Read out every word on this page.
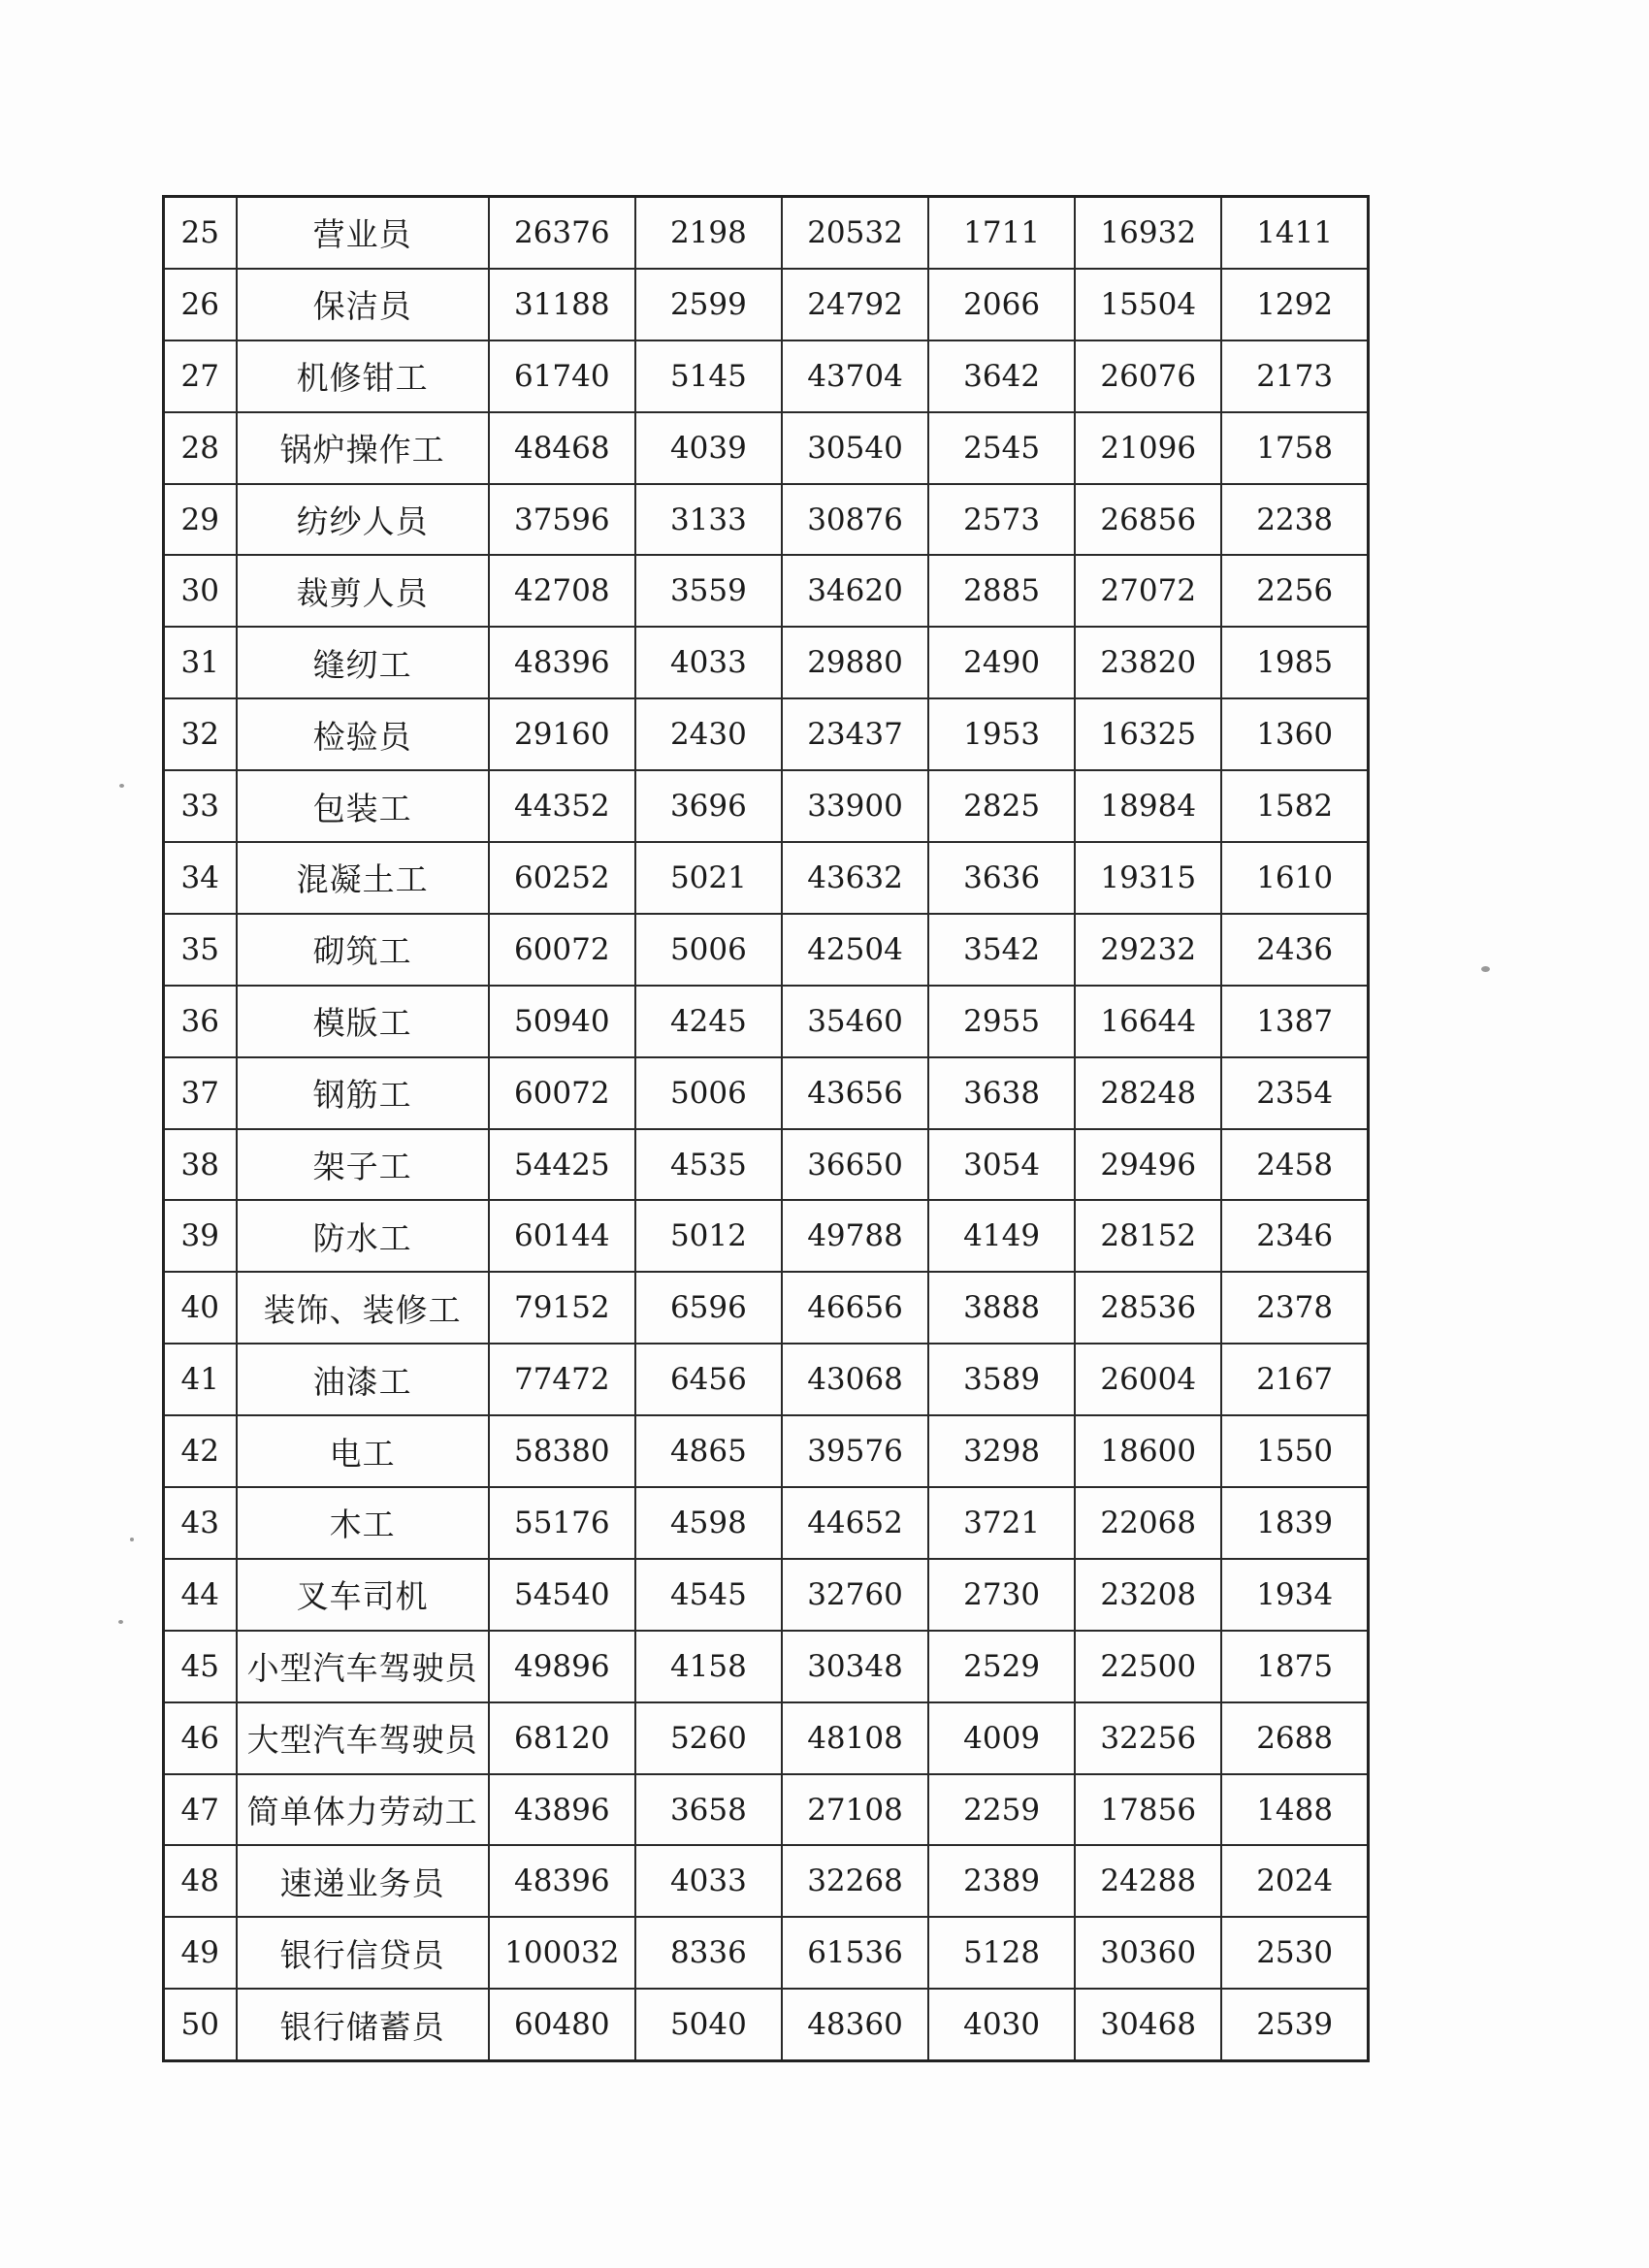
25	营业员	26376	2198	20532	1711	16932	1411
26	保洁员	31188	2599	24792	2066	15504	1292
27	机修钳工	61740	5145	43704	3642	26076	2173
28	锅炉操作工	48468	4039	30540	2545	21096	1758
29	纺纱人员	37596	3133	30876	2573	26856	2238
30	裁剪人员	42708	3559	34620	2885	27072	2256
31	缝纫工	48396	4033	29880	2490	23820	1985
32	检验员	29160	2430	23437	1953	16325	1360
33	包装工	44352	3696	33900	2825	18984	1582
34	混凝土工	60252	5021	43632	3636	19315	1610
35	砌筑工	60072	5006	42504	3542	29232	2436
36	模版工	50940	4245	35460	2955	16644	1387
37	钢筋工	60072	5006	43656	3638	28248	2354
38	架子工	54425	4535	36650	3054	29496	2458
39	防水工	60144	5012	49788	4149	28152	2346
40	装饰、装修工	79152	6596	46656	3888	28536	2378
41	油漆工	77472	6456	43068	3589	26004	2167
42	电工	58380	4865	39576	3298	18600	1550
43	木工	55176	4598	44652	3721	22068	1839
44	叉车司机	54540	4545	32760	2730	23208	1934
45	小型汽车驾驶员	49896	4158	30348	2529	22500	1875
46	大型汽车驾驶员	68120	5260	48108	4009	32256	2688
47	简单体力劳动工	43896	3658	27108	2259	17856	1488
48	速递业务员	48396	4033	32268	2389	24288	2024
49	银行信贷员	100032	8336	61536	5128	30360	2530
50	银行储蓄员	60480	5040	48360	4030	30468	2539
